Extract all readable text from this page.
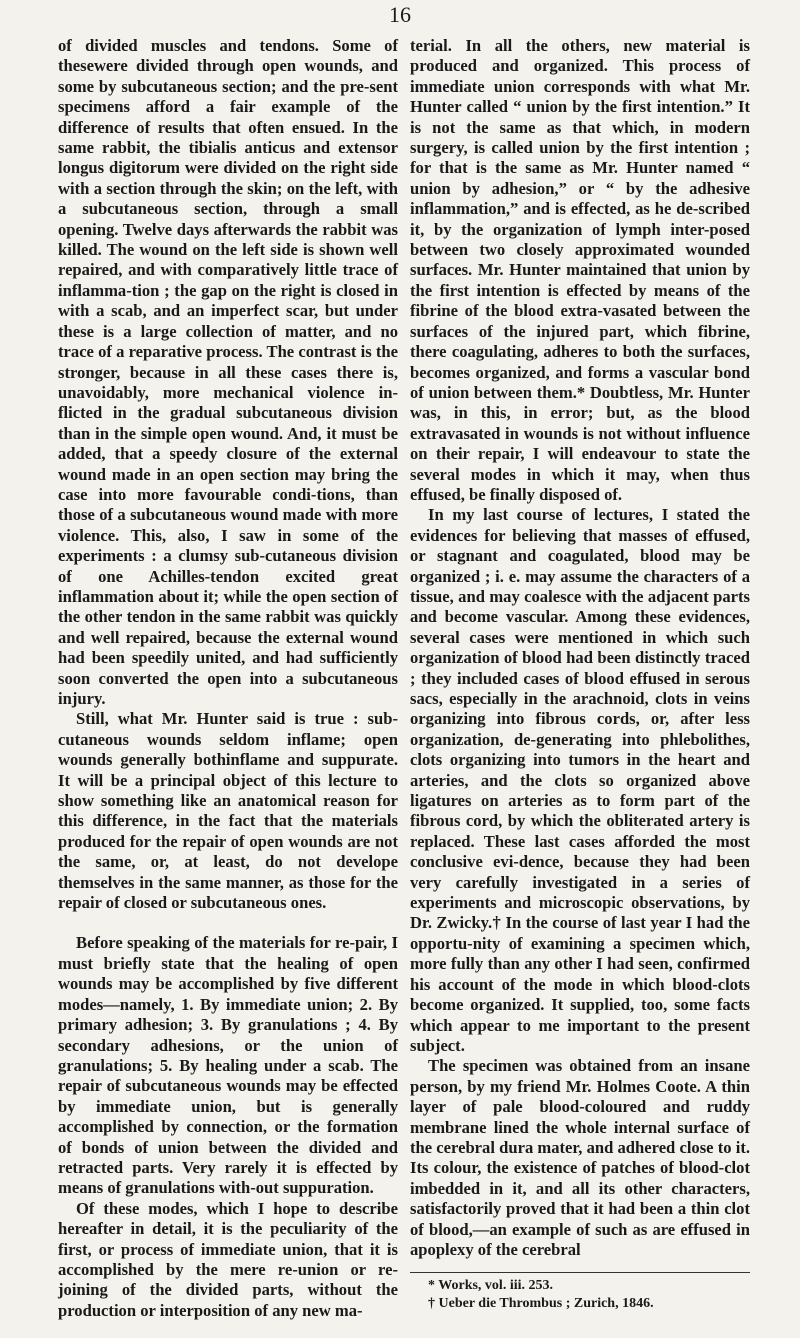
16

of divided muscles and tendons. Some of thesewere divided through open wounds, and some by subcutaneous section; and the pre-sent specimens afford a fair example of the difference of results that often ensued. In the same rabbit, the tibialis anticus and extensor longus digitorum were divided on the right side with a section through the skin; on the left, with a subcutaneous section, through a small opening. Twelve days afterwards the rabbit was killed. The wound on the left side is shown well repaired, and with comparatively little trace of inflamma-tion ; the gap on the right is closed in with a scab, and an imperfect scar, but under these is a large collection of matter, and no trace of a reparative process. The contrast is the stronger, because in all these cases there is, unavoidably, more mechanical violence in-flicted in the gradual subcutaneous division than in the simple open wound. And, it must be added, that a speedy closure of the external wound made in an open section may bring the case into more favourable condi-tions, than those of a subcutaneous wound made with more violence. This, also, I saw in some of the experiments : a clumsy sub-cutaneous division of one Achilles-tendon excited great inflammation about it; while the open section of the other tendon in the same rabbit was quickly and well repaired, because the external wound had been speedily united, and had sufficiently soon converted the open into a subcutaneous injury.

Still, what Mr. Hunter said is true : sub-cutaneous wounds seldom inflame; open wounds generally bothinflame and suppurate. It will be a principal object of this lecture to show something like an anatomical reason for this difference, in the fact that the materials produced for the repair of open wounds are not the same, or, at least, do not develope themselves in the same manner, as those for the repair of closed or subcutaneous ones.

Before speaking of the materials for re-pair, I must briefly state that the healing of open wounds may be accomplished by five different modes—namely, 1. By immediate union; 2. By primary adhesion; 3. By granulations ; 4. By secondary adhesions, or the union of granulations; 5. By healing under a scab. The repair of subcutaneous wounds may be effected by immediate union, but is generally accomplished by connection, or the formation of bonds of union between the divided and retracted parts. Very rarely it is effected by means of granulations with-out suppuration.

Of these modes, which I hope to describe hereafter in detail, it is the peculiarity of the first, or process of immediate union, that it is accomplished by the mere re-union or re-joining of the divided parts, without the production or interposition of any new ma-

terial. In all the others, new material is produced and organized. This process of immediate union corresponds with what Mr. Hunter called “ union by the first intention.” It is not the same as that which, in modern surgery, is called union by the first intention ; for that is the same as Mr. Hunter named “ union by adhesion,” or “ by the adhesive inflammation,” and is effected, as he de-scribed it, by the organization of lymph inter-posed between two closely approximated wounded surfaces. Mr. Hunter maintained that union by the first intention is effected by means of the fibrine of the blood extra-vasated between the surfaces of the injured part, which fibrine, there coagulating, adheres to both the surfaces, becomes organized, and forms a vascular bond of union between them.* Doubtless, Mr. Hunter was, in this, in error; but, as the blood extravasated in wounds is not without influence on their repair, I will endeavour to state the several modes in which it may, when thus effused, be finally disposed of.

In my last course of lectures, I stated the evidences for believing that masses of effused, or stagnant and coagulated, blood may be organized ; i. e. may assume the characters of a tissue, and may coalesce with the adjacent parts and become vascular. Among these evidences, several cases were mentioned in which such organization of blood had been distinctly traced ; they included cases of blood effused in serous sacs, especially in the arachnoid, clots in veins organizing into fibrous cords, or, after less organization, de-generating into phlebolithes, clots organizing into tumors in the heart and arteries, and the clots so organized above ligatures on arteries as to form part of the fibrous cord, by which the obliterated artery is replaced. These last cases afforded the most conclusive evi-dence, because they had been very carefully investigated in a series of experiments and microscopic observations, by Dr. Zwicky.† In the course of last year I had the opportu-nity of examining a specimen which, more fully than any other I had seen, confirmed his account of the mode in which blood-clots become organized. It supplied, too, some facts which appear to me important to the present subject.

The specimen was obtained from an insane person, by my friend Mr. Holmes Coote. A thin layer of pale blood-coloured and ruddy membrane lined the whole internal surface of the cerebral dura mater, and adhered close to it. Its colour, the existence of patches of blood-clot imbedded in it, and all its other characters, satisfactorily proved that it had been a thin clot of blood,—an example of such as are effused in apoplexy of the cerebral

* Works, vol. iii. 253.

† Ueber die Thrombus ; Zurich, 1846.
